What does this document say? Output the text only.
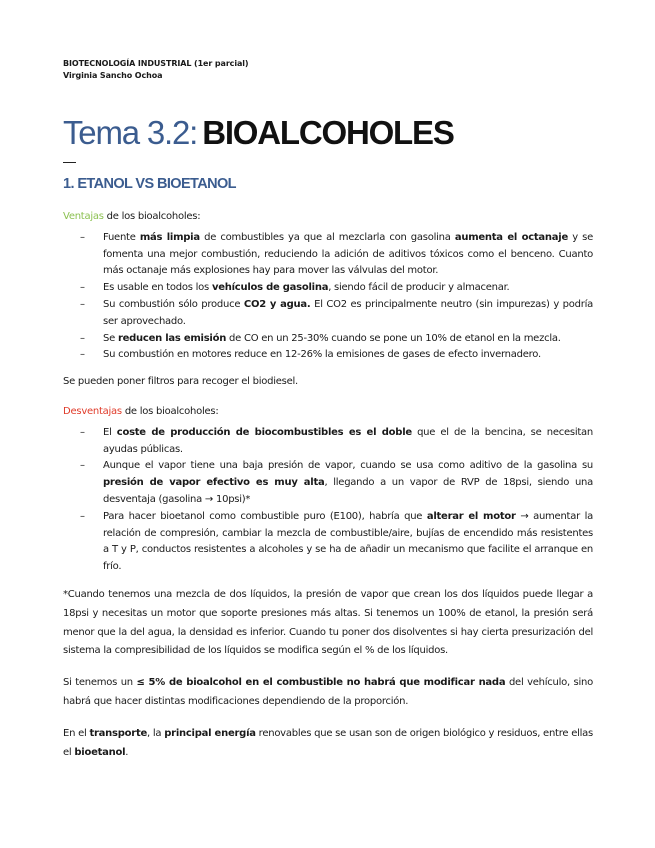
BIOTECNOLOGÍA INDUSTRIAL (1er parcial)
Virginia Sancho Ochoa
Tema 3.2: BIOALCOHOLES
1. ETANOL VS BIOETANOL
Ventajas de los bioalcoholes:
–	Fuente más limpia de combustibles ya que al mezclarla con gasolina aumenta el octanaje y se fomenta una mejor combustión, reduciendo la adición de aditivos tóxicos como el benceno. Cuanto más octanaje más explosiones hay para mover las válvulas del motor.
–	Es usable en todos los vehículos de gasolina, siendo fácil de producir y almacenar.
–	Su combustión sólo produce CO2 y agua. El CO2 es principalmente neutro (sin impurezas) y podría ser aprovechado.
–	Se reducen las emisión de CO en un 25-30% cuando se pone un 10% de etanol en la mezcla.
–	Su combustión en motores reduce en 12-26% la emisiones de gases de efecto invernadero.
Se pueden poner filtros para recoger el biodiesel.
Desventajas de los bioalcoholes:
–	El coste de producción de biocombustibles es el doble que el de la bencina, se necesitan ayudas públicas.
–	Aunque el vapor tiene una baja presión de vapor, cuando se usa como aditivo de la gasolina su presión de vapor efectivo es muy alta, llegando a un vapor de RVP de 18psi, siendo una desventaja (gasolina → 10psi)*
–	Para hacer bioetanol como combustible puro (E100), habría que alterar el motor → aumentar la relación de compresión, cambiar la mezcla de combustible/aire, bujías de encendido más resistentes a T y P, conductos resistentes a alcoholes y se ha de añadir un mecanismo que facilite el arranque en frío.
*Cuando tenemos una mezcla de dos líquidos, la presión de vapor que crean los dos líquidos puede llegar a 18psi y necesitas un motor que soporte presiones más altas. Si tenemos un 100% de etanol, la presión será menor que la del agua, la densidad es inferior. Cuando tu poner dos disolventes si hay cierta presurización del sistema la compresibilidad de los líquidos se modifica según el % de los líquidos.
Si tenemos un ≤ 5% de bioalcohol en el combustible no habrá que modificar nada del vehículo, sino habrá que hacer distintas modificaciones dependiendo de la proporción.
En el transporte, la principal energía renovables que se usan son de origen biológico y residuos, entre ellas el bioetanol.
